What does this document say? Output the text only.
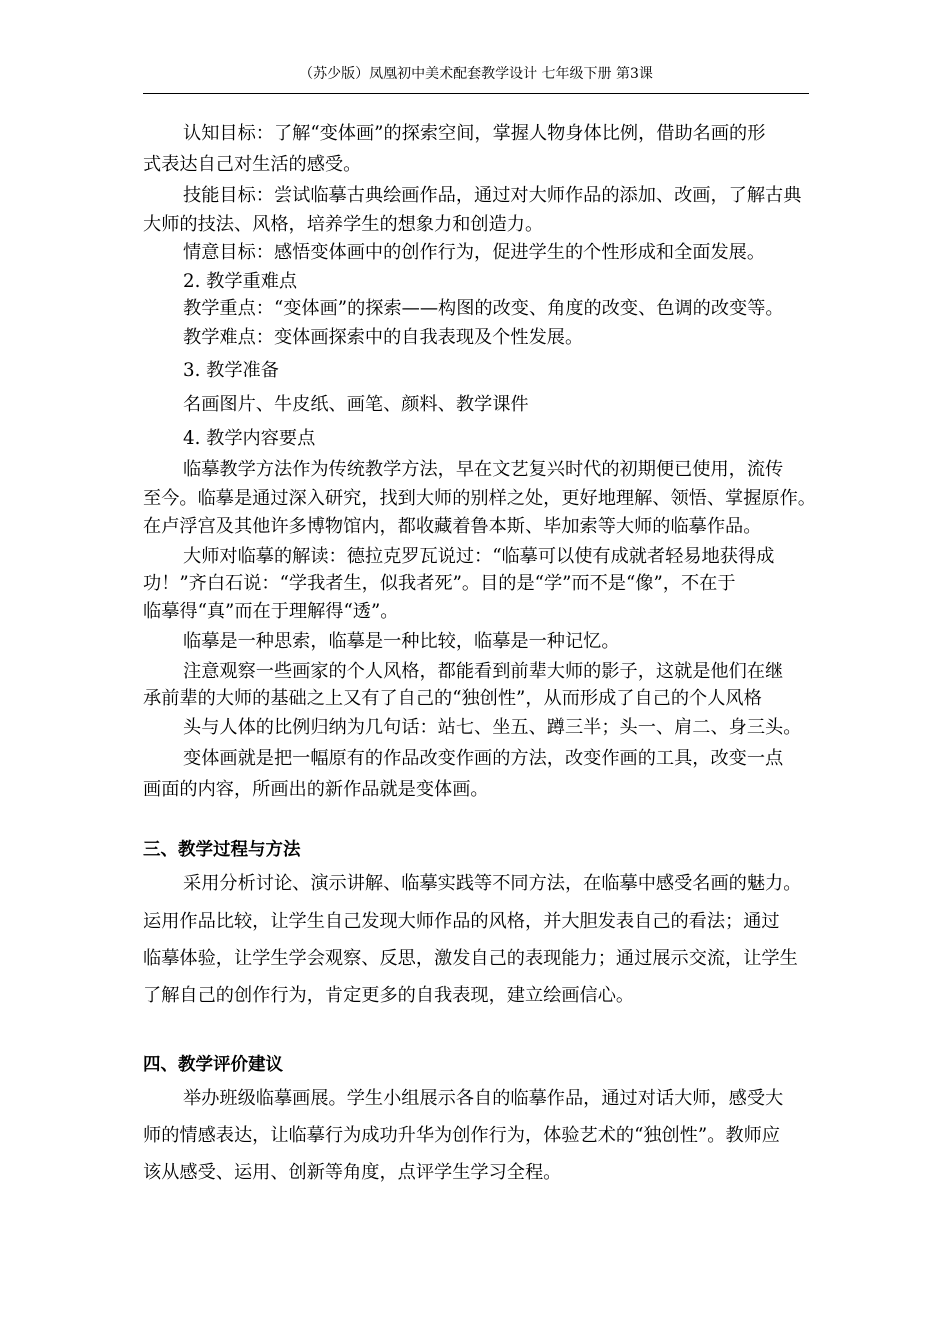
（苏少版）凤凰初中美术配套教学设计 七年级下册 第3课
认知目标：了解“变体画”的探索空间，掌握人物身体比例，借助名画的形
式表达自己对生活的感受。
技能目标：尝试临摹古典绘画作品，通过对大师作品的添加、改画，了解古典
大师的技法、风格，培养学生的想象力和创造力。
情意目标：感悟变体画中的创作行为，促进学生的个性形成和全面发展。
2. 教学重难点
教学重点：“变体画”的探索——构图的改变、角度的改变、色调的改变等。
教学难点：变体画探索中的自我表现及个性发展。
3. 教学准备
名画图片、牛皮纸、画笔、颜料、教学课件
4. 教学内容要点
临摹教学方法作为传统教学方法，早在文艺复兴时代的初期便已使用，流传
至今。临摹是通过深入研究，找到大师的别样之处，更好地理解、领悟、掌握原作。
在卢浮宫及其他许多博物馆内，都收藏着鲁本斯、毕加索等大师的临摹作品。
大师对临摹的解读：德拉克罗瓦说过：“临摹可以使有成就者轻易地获得成
功！”齐白石说：“学我者生，似我者死”。目的是“学”而不是“像”，不在于
临摹得“真”而在于理解得“透”。
临摹是一种思索，临摹是一种比较，临摹是一种记忆。
注意观察一些画家的个人风格，都能看到前辈大师的影子，这就是他们在继
承前辈的大师的基础之上又有了自己的“独创性”，从而形成了自己的个人风格
头与人体的比例归纳为几句话：站七、坐五、蹲三半；头一、肩二、身三头。
变体画就是把一幅原有的作品改变作画的方法，改变作画的工具，改变一点
画面的内容，所画出的新作品就是变体画。
三、教学过程与方法
采用分析讨论、演示讲解、临摹实践等不同方法，在临摹中感受名画的魅力。
运用作品比较，让学生自己发现大师作品的风格，并大胆发表自己的看法；通过
临摹体验，让学生学会观察、反思，激发自己的表现能力；通过展示交流，让学生
了解自己的创作行为，肯定更多的自我表现，建立绘画信心。
四、教学评价建议
举办班级临摹画展。学生小组展示各自的临摹作品，通过对话大师，感受大
师的情感表达，让临摹行为成功升华为创作行为，体验艺术的“独创性”。教师应
该从感受、运用、创新等角度，点评学生学习全程。
